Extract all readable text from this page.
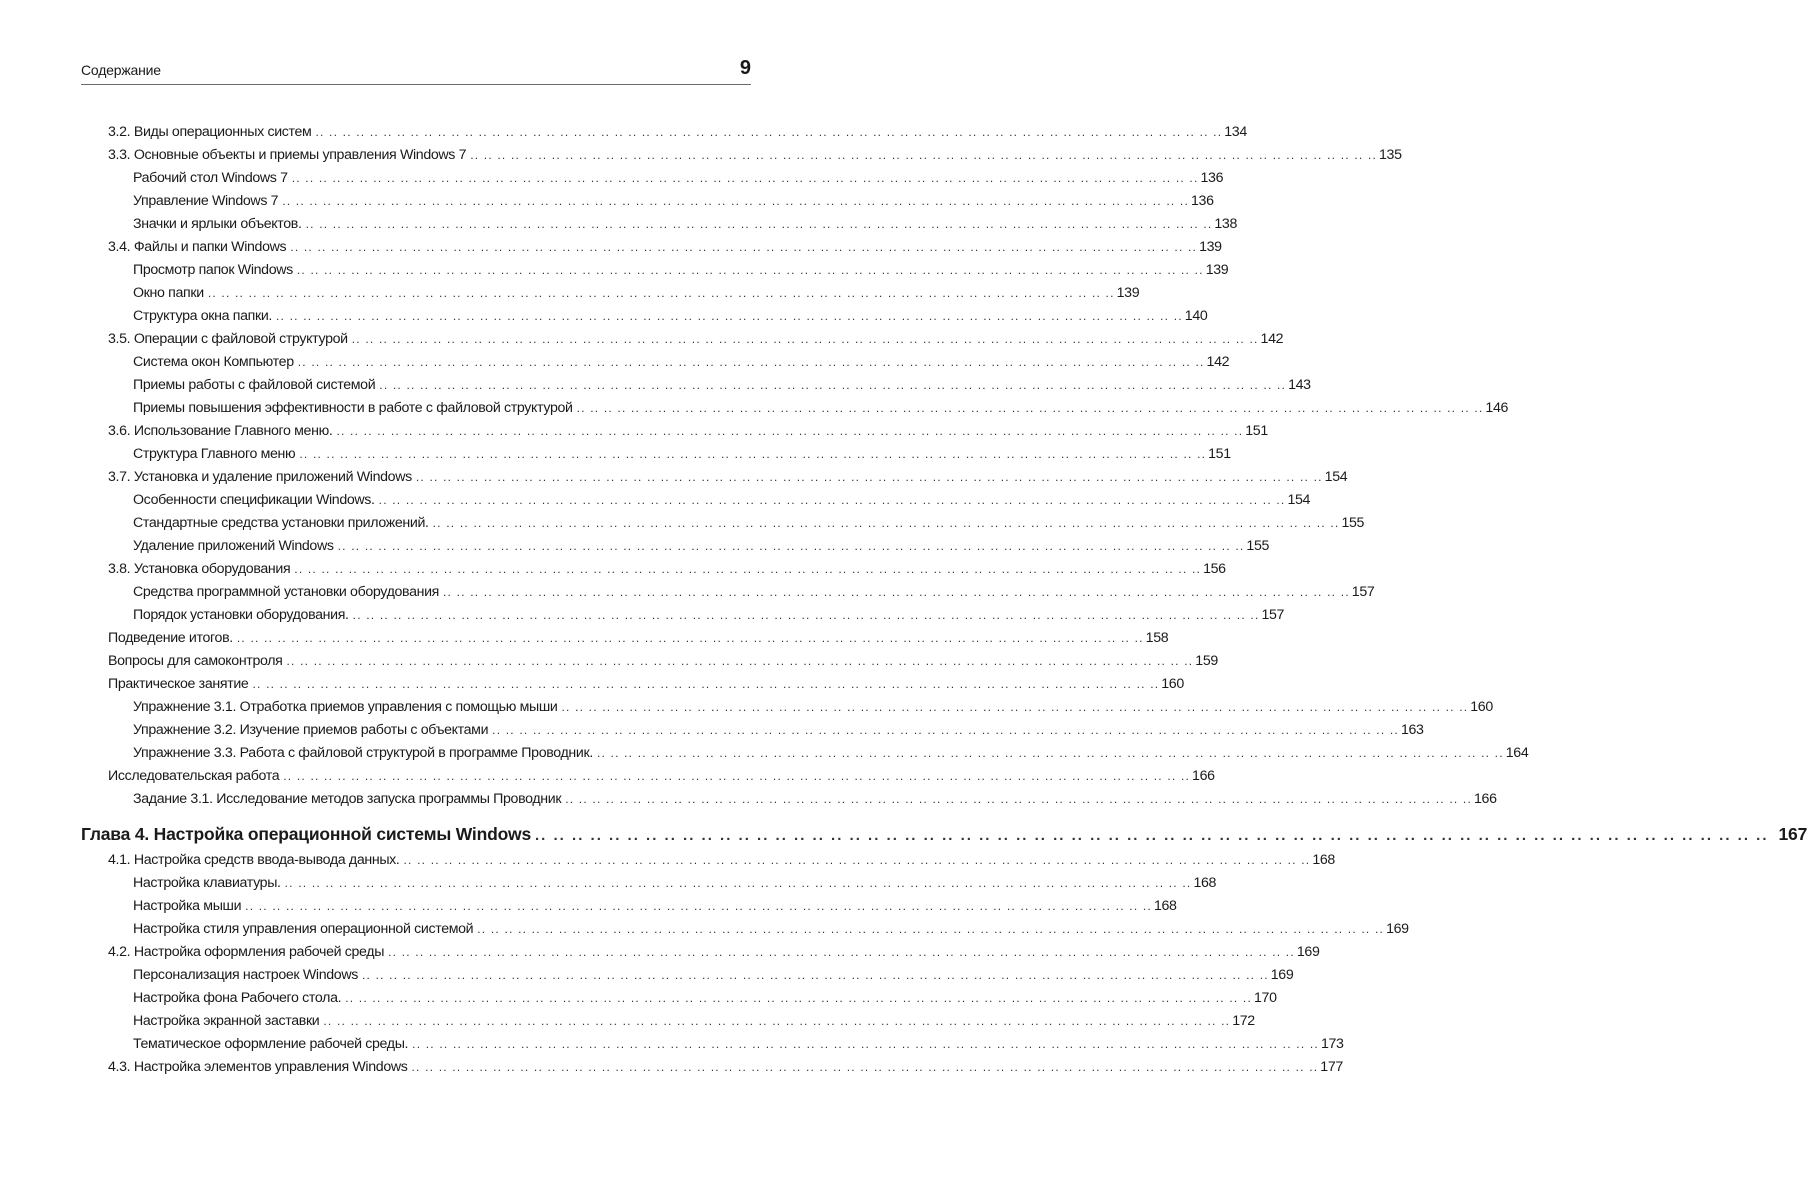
Содержание	9
3.2. Виды операционных систем .. .. .. .. .. .. .. .. .. .. .. .. .. .. .. .. .. .. .. .. .. .. .. .. .. .. .. .. .. .. .. .. .. .. .. .. .. .. .. .. .. .. .. .. .. .. .. .. .. .. .. .. .. .. .. .. .. .. .. .. .. .. .. .. .. .. .. 134
3.3. Основные объекты и приемы управления Windows 7 .. .. .. .. .. .. .. .. .. .. .. .. .. .. .. .. .. .. .. .. .. .. .. .. .. .. .. .. .. .. .. .. .. .. .. .. .. .. .. .. .. .. .. .. .. .. .. .. .. .. .. .. .. .. .. .. .. .. .. .. .. .. .. .. .. .. .. 135
Рабочий стол Windows 7 .. .. .. .. .. .. .. .. .. .. .. .. .. .. .. .. .. .. .. .. .. .. .. .. .. .. .. .. .. .. .. .. .. .. .. .. .. .. .. .. .. .. .. .. .. .. .. .. .. .. .. .. .. .. .. .. .. .. .. .. .. .. .. .. .. .. .. 136
Управление Windows 7 .. .. .. .. .. .. .. .. .. .. .. .. .. .. .. .. .. .. .. .. .. .. .. .. .. .. .. .. .. .. .. .. .. .. .. .. .. .. .. .. .. .. .. .. .. .. .. .. .. .. .. .. .. .. .. .. .. .. .. .. .. .. .. .. .. .. .. 136
Значки и ярлыки объектов. .. .. .. .. .. .. .. .. .. .. .. .. .. .. .. .. .. .. .. .. .. .. .. .. .. .. .. .. .. .. .. .. .. .. .. .. .. .. .. .. .. .. .. .. .. .. .. .. .. .. .. .. .. .. .. .. .. .. .. .. .. .. .. .. .. .. .. 138
3.4. Файлы и папки Windows .. .. .. .. .. .. .. .. .. .. .. .. .. .. .. .. .. .. .. .. .. .. .. .. .. .. .. .. .. .. .. .. .. .. .. .. .. .. .. .. .. .. .. .. .. .. .. .. .. .. .. .. .. .. .. .. .. .. .. .. .. .. .. .. .. .. .. 139
Просмотр папок Windows .. .. .. .. .. .. .. .. .. .. .. .. .. .. .. .. .. .. .. .. .. .. .. .. .. .. .. .. .. .. .. .. .. .. .. .. .. .. .. .. .. .. .. .. .. .. .. .. .. .. .. .. .. .. .. .. .. .. .. .. .. .. .. .. .. .. .. 139
Окно папки .. .. .. .. .. .. .. .. .. .. .. .. .. .. .. .. .. .. .. .. .. .. .. .. .. .. .. .. .. .. .. .. .. .. .. .. .. .. .. .. .. .. .. .. .. .. .. .. .. .. .. .. .. .. .. .. .. .. .. .. .. .. .. .. .. .. .. 139
Структура окна папки. .. .. .. .. .. .. .. .. .. .. .. .. .. .. .. .. .. .. .. .. .. .. .. .. .. .. .. .. .. .. .. .. .. .. .. .. .. .. .. .. .. .. .. .. .. .. .. .. .. .. .. .. .. .. .. .. .. .. .. .. .. .. .. .. .. .. .. 140
3.5. Операции с файловой структурой .. .. .. .. .. .. .. .. .. .. .. .. .. .. .. .. .. .. .. .. .. .. .. .. .. .. .. .. .. .. .. .. .. .. .. .. .. .. .. .. .. .. .. .. .. .. .. .. .. .. .. .. .. .. .. .. .. .. .. .. .. .. .. .. .. .. .. 142
Система окон Компьютер .. .. .. .. .. .. .. .. .. .. .. .. .. .. .. .. .. .. .. .. .. .. .. .. .. .. .. .. .. .. .. .. .. .. .. .. .. .. .. .. .. .. .. .. .. .. .. .. .. .. .. .. .. .. .. .. .. .. .. .. .. .. .. .. .. .. .. 142
Приемы работы с файловой системой .. .. .. .. .. .. .. .. .. .. .. .. .. .. .. .. .. .. .. .. .. .. .. .. .. .. .. .. .. .. .. .. .. .. .. .. .. .. .. .. .. .. .. .. .. .. .. .. .. .. .. .. .. .. .. .. .. .. .. .. .. .. .. .. .. .. .. 143
Приемы повышения эффективности в работе с файловой структурой .. .. .. .. .. .. .. .. .. .. .. .. .. .. .. .. .. .. .. .. .. .. .. .. .. .. .. .. .. .. .. .. .. .. .. .. .. .. .. .. .. .. .. .. .. .. .. .. .. .. .. .. .. .. .. .. .. .. .. .. .. .. .. .. .. .. .. 146
3.6. Использование Главного меню. .. .. .. .. .. .. .. .. .. .. .. .. .. .. .. .. .. .. .. .. .. .. .. .. .. .. .. .. .. .. .. .. .. .. .. .. .. .. .. .. .. .. .. .. .. .. .. .. .. .. .. .. .. .. .. .. .. .. .. .. .. .. .. .. .. .. .. 151
Структура Главного меню .. .. .. .. .. .. .. .. .. .. .. .. .. .. .. .. .. .. .. .. .. .. .. .. .. .. .. .. .. .. .. .. .. .. .. .. .. .. .. .. .. .. .. .. .. .. .. .. .. .. .. .. .. .. .. .. .. .. .. .. .. .. .. .. .. .. .. 151
3.7. Установка и удаление приложений Windows .. .. .. .. .. .. .. .. .. .. .. .. .. .. .. .. .. .. .. .. .. .. .. .. .. .. .. .. .. .. .. .. .. .. .. .. .. .. .. .. .. .. .. .. .. .. .. .. .. .. .. .. .. .. .. .. .. .. .. .. .. .. .. .. .. .. .. 154
Особенности спецификации Windows. .. .. .. .. .. .. .. .. .. .. .. .. .. .. .. .. .. .. .. .. .. .. .. .. .. .. .. .. .. .. .. .. .. .. .. .. .. .. .. .. .. .. .. .. .. .. .. .. .. .. .. .. .. .. .. .. .. .. .. .. .. .. .. .. .. .. .. 154
Стандартные средства установки приложений. .. .. .. .. .. .. .. .. .. .. .. .. .. .. .. .. .. .. .. .. .. .. .. .. .. .. .. .. .. .. .. .. .. .. .. .. .. .. .. .. .. .. .. .. .. .. .. .. .. .. .. .. .. .. .. .. .. .. .. .. .. .. .. .. .. .. .. 155
Удаление приложений Windows .. .. .. .. .. .. .. .. .. .. .. .. .. .. .. .. .. .. .. .. .. .. .. .. .. .. .. .. .. .. .. .. .. .. .. .. .. .. .. .. .. .. .. .. .. .. .. .. .. .. .. .. .. .. .. .. .. .. .. .. .. .. .. .. .. .. .. 155
3.8. Установка оборудования .. .. .. .. .. .. .. .. .. .. .. .. .. .. .. .. .. .. .. .. .. .. .. .. .. .. .. .. .. .. .. .. .. .. .. .. .. .. .. .. .. .. .. .. .. .. .. .. .. .. .. .. .. .. .. .. .. .. .. .. .. .. .. .. .. .. .. 156
Средства программной установки оборудования .. .. .. .. .. .. .. .. .. .. .. .. .. .. .. .. .. .. .. .. .. .. .. .. .. .. .. .. .. .. .. .. .. .. .. .. .. .. .. .. .. .. .. .. .. .. .. .. .. .. .. .. .. .. .. .. .. .. .. .. .. .. .. .. .. .. .. 157
Порядок установки оборудования. .. .. .. .. .. .. .. .. .. .. .. .. .. .. .. .. .. .. .. .. .. .. .. .. .. .. .. .. .. .. .. .. .. .. .. .. .. .. .. .. .. .. .. .. .. .. .. .. .. .. .. .. .. .. .. .. .. .. .. .. .. .. .. .. .. .. .. 157
Подведение итогов. .. .. .. .. .. .. .. .. .. .. .. .. .. .. .. .. .. .. .. .. .. .. .. .. .. .. .. .. .. .. .. .. .. .. .. .. .. .. .. .. .. .. .. .. .. .. .. .. .. .. .. .. .. .. .. .. .. .. .. .. .. .. .. .. .. .. .. 158
Вопросы для самоконтроля .. .. .. .. .. .. .. .. .. .. .. .. .. .. .. .. .. .. .. .. .. .. .. .. .. .. .. .. .. .. .. .. .. .. .. .. .. .. .. .. .. .. .. .. .. .. .. .. .. .. .. .. .. .. .. .. .. .. .. .. .. .. .. .. .. .. .. 159
Практическое занятие .. .. .. .. .. .. .. .. .. .. .. .. .. .. .. .. .. .. .. .. .. .. .. .. .. .. .. .. .. .. .. .. .. .. .. .. .. .. .. .. .. .. .. .. .. .. .. .. .. .. .. .. .. .. .. .. .. .. .. .. .. .. .. .. .. .. .. 160
Упражнение 3.1. Отработка приемов управления с помощью мыши .. .. .. .. .. .. .. .. .. .. .. .. .. .. .. .. .. .. .. .. .. .. .. .. .. .. .. .. .. .. .. .. .. .. .. .. .. .. .. .. .. .. .. .. .. .. .. .. .. .. .. .. .. .. .. .. .. .. .. .. .. .. .. .. .. .. .. 160
Упражнение 3.2. Изучение приемов работы с объектами .. .. .. .. .. .. .. .. .. .. .. .. .. .. .. .. .. .. .. .. .. .. .. .. .. .. .. .. .. .. .. .. .. .. .. .. .. .. .. .. .. .. .. .. .. .. .. .. .. .. .. .. .. .. .. .. .. .. .. .. .. .. .. .. .. .. .. 163
Упражнение 3.3. Работа с файловой структурой в программе Проводник. .. .. .. .. .. .. .. .. .. .. .. .. .. .. .. .. .. .. .. .. .. .. .. .. .. .. .. .. .. .. .. .. .. .. .. .. .. .. .. .. .. .. .. .. .. .. .. .. .. .. .. .. .. .. .. .. .. .. .. .. .. .. .. .. .. .. .. 164
Исследовательская работа .. .. .. .. .. .. .. .. .. .. .. .. .. .. .. .. .. .. .. .. .. .. .. .. .. .. .. .. .. .. .. .. .. .. .. .. .. .. .. .. .. .. .. .. .. .. .. .. .. .. .. .. .. .. .. .. .. .. .. .. .. .. .. .. .. .. .. 166
Задание 3.1. Исследование методов запуска программы Проводник .. .. .. .. .. .. .. .. .. .. .. .. .. .. .. .. .. .. .. .. .. .. .. .. .. .. .. .. .. .. .. .. .. .. .. .. .. .. .. .. .. .. .. .. .. .. .. .. .. .. .. .. .. .. .. .. .. .. .. .. .. .. .. .. .. .. .. 166
Глава 4. Настройка операционной системы Windows .. .. .. .. .. .. .. .. .. .. .. .. .. .. .. .. .. .. .. .. .. .. .. .. .. .. .. .. .. .. .. .. .. .. .. .. .. .. .. .. .. .. .. .. .. .. .. .. .. .. .. .. .. .. .. .. .. .. .. .. .. .. .. .. .. .. .. 167
4.1. Настройка средств ввода-вывода данных. .. .. .. .. .. .. .. .. .. .. .. .. .. .. .. .. .. .. .. .. .. .. .. .. .. .. .. .. .. .. .. .. .. .. .. .. .. .. .. .. .. .. .. .. .. .. .. .. .. .. .. .. .. .. .. .. .. .. .. .. .. .. .. .. .. .. .. 168
Настройка клавиатуры. .. .. .. .. .. .. .. .. .. .. .. .. .. .. .. .. .. .. .. .. .. .. .. .. .. .. .. .. .. .. .. .. .. .. .. .. .. .. .. .. .. .. .. .. .. .. .. .. .. .. .. .. .. .. .. .. .. .. .. .. .. .. .. .. .. .. .. 168
Настройка мыши .. .. .. .. .. .. .. .. .. .. .. .. .. .. .. .. .. .. .. .. .. .. .. .. .. .. .. .. .. .. .. .. .. .. .. .. .. .. .. .. .. .. .. .. .. .. .. .. .. .. .. .. .. .. .. .. .. .. .. .. .. .. .. .. .. .. .. 168
Настройка стиля управления операционной системой .. .. .. .. .. .. .. .. .. .. .. .. .. .. .. .. .. .. .. .. .. .. .. .. .. .. .. .. .. .. .. .. .. .. .. .. .. .. .. .. .. .. .. .. .. .. .. .. .. .. .. .. .. .. .. .. .. .. .. .. .. .. .. .. .. .. .. 169
4.2. Настройка оформления рабочей среды .. .. .. .. .. .. .. .. .. .. .. .. .. .. .. .. .. .. .. .. .. .. .. .. .. .. .. .. .. .. .. .. .. .. .. .. .. .. .. .. .. .. .. .. .. .. .. .. .. .. .. .. .. .. .. .. .. .. .. .. .. .. .. .. .. .. .. 169
Персонализация настроек Windows .. .. .. .. .. .. .. .. .. .. .. .. .. .. .. .. .. .. .. .. .. .. .. .. .. .. .. .. .. .. .. .. .. .. .. .. .. .. .. .. .. .. .. .. .. .. .. .. .. .. .. .. .. .. .. .. .. .. .. .. .. .. .. .. .. .. .. 169
Настройка фона Рабочего стола. .. .. .. .. .. .. .. .. .. .. .. .. .. .. .. .. .. .. .. .. .. .. .. .. .. .. .. .. .. .. .. .. .. .. .. .. .. .. .. .. .. .. .. .. .. .. .. .. .. .. .. .. .. .. .. .. .. .. .. .. .. .. .. .. .. .. .. 170
Настройка экранной заставки .. .. .. .. .. .. .. .. .. .. .. .. .. .. .. .. .. .. .. .. .. .. .. .. .. .. .. .. .. .. .. .. .. .. .. .. .. .. .. .. .. .. .. .. .. .. .. .. .. .. .. .. .. .. .. .. .. .. .. .. .. .. .. .. .. .. .. 172
Тематическое оформление рабочей среды. .. .. .. .. .. .. .. .. .. .. .. .. .. .. .. .. .. .. .. .. .. .. .. .. .. .. .. .. .. .. .. .. .. .. .. .. .. .. .. .. .. .. .. .. .. .. .. .. .. .. .. .. .. .. .. .. .. .. .. .. .. .. .. .. .. .. .. 173
4.3. Настройка элементов управления Windows .. .. .. .. .. .. .. .. .. .. .. .. .. .. .. .. .. .. .. .. .. .. .. .. .. .. .. .. .. .. .. .. .. .. .. .. .. .. .. .. .. .. .. .. .. .. .. .. .. .. .. .. .. .. .. .. .. .. .. .. .. .. .. .. .. .. .. 177
